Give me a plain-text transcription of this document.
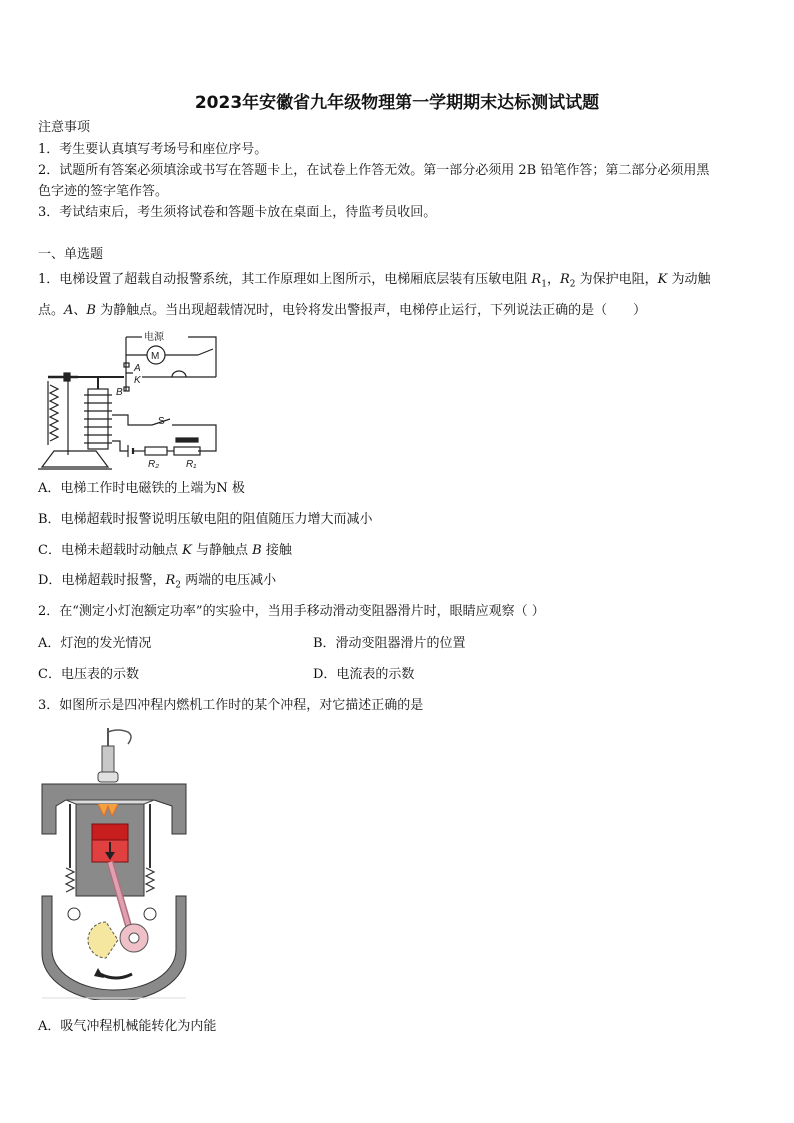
2023年安徽省九年级物理第一学期期末达标测试试题
注意事项
1．考生要认真填写考场号和座位序号。
2．试题所有答案必须填涂或书写在答题卡上，在试卷上作答无效。第一部分必须用 2B 铅笔作答；第二部分必须用黑
色字迹的签字笔作答。
3．考试结束后，考生须将试卷和答题卡放在桌面上，待监考员收回。
一、单选题
1．电梯设置了超载自动报警系统，其工作原理如上图所示，电梯厢底层装有压敏电阻 $R_1$，$R_2$ 为保护电阻，K 为动触
点。A、B 为静触点。当出现超载情况时，电铃将发出警报声，电梯停止运行，下列说法正确的是（　　）
电源
M
A
K
B
S
R₂	R₁
A．电梯工作时电磁铁的上端为N 极
B．电梯超载时报警说明压敏电阻的阻值随压力增大而减小
C．电梯未超载时动触点 K 与静触点 B 接触
D．电梯超载时报警，$R_2$ 两端的电压减小
2．在“测定小灯泡额定功率”的实验中，当用手移动滑动变阻器滑片时，眼睛应观察（ ）
A．灯泡的发光情况	B．滑动变阻器滑片的位置
C．电压表的示数	D．电流表的示数
3．如图所示是四冲程内燃机工作时的某个冲程，对它描述正确的是
A．吸气冲程机械能转化为内能
